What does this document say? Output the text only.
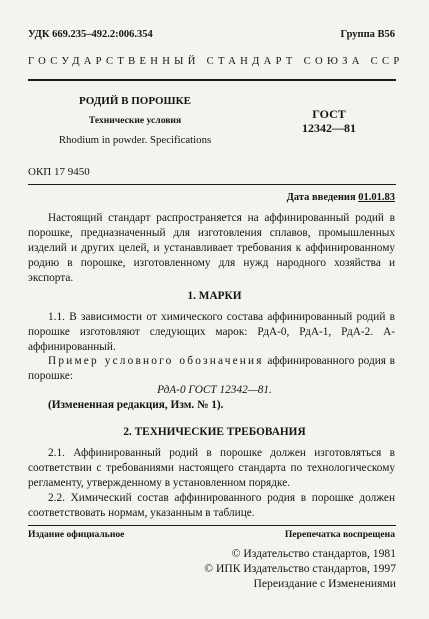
УДК 669.235–492.2:006.354	Группа В56
ГОСУДАРСТВЕННЫЙ СТАНДАРТ СОЮЗА ССР
РОДИЙ В ПОРОШКЕ
Технические условия
Rhodium in powder. Specifications
ГОСТ
12342—81
ОКП 17 9450
Дата введения 01.01.83
Настоящий стандарт распространяется на аффинированный родий в порошке, предназначенный для изготовления сплавов, промышленных изделий и других целей, и устанавливает требования к аффинированному родию в порошке, изготовленному для нужд народного хозяйства и экспорта.
1. МАРКИ
1.1. В зависимости от химического состава аффинированный родий в порошке изготовляют следующих марок: РдА-0, РдА-1, РдА-2. А-аффинированный.
Пример условного обозначения аффинированного родия в порошке:
РдА-0 ГОСТ 12342—81.
(Измененная редакция, Изм. № 1).
2. ТЕХНИЧЕСКИЕ ТРЕБОВАНИЯ
2.1. Аффинированный родий в порошке должен изготовляться в соответствии с требованиями настоящего стандарта по технологическому регламенту, утвержденному в установленном порядке.
2.2. Химический состав аффинированного родия в порошке должен соответствовать нормам, указанным в таблице.
Издание официальное	Перепечатка воспрещена
© Издательство стандартов, 1981
© ИПК Издательство стандартов, 1997
Переиздание с Изменениями
